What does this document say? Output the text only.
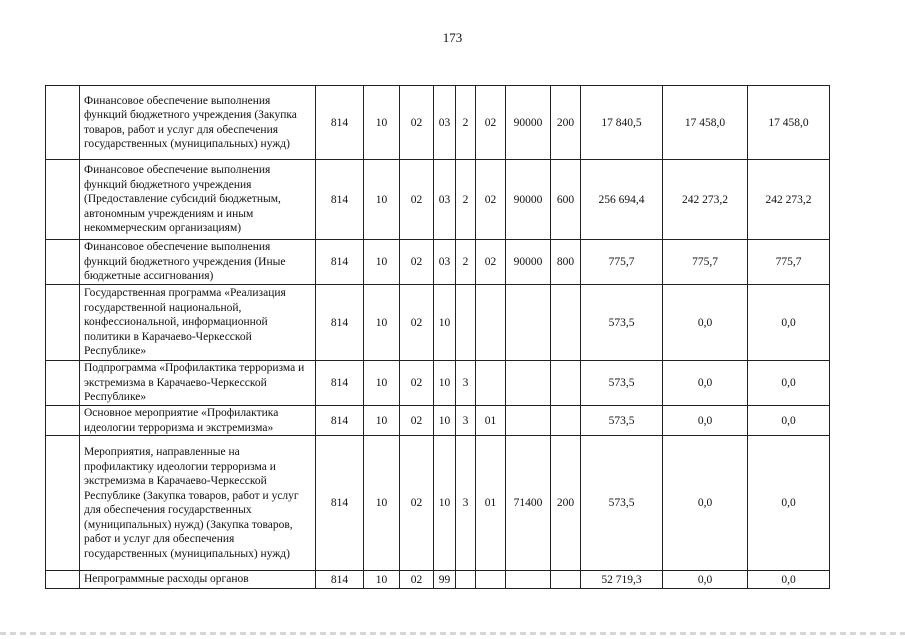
173
	Финансовое обеспечение выполнения функций бюджетного учреждения (Закупка товаров, работ и услуг для обеспечения государственных (муниципальных) нужд)	814	10	02	03	2	02	90000	200	17 840,5	17 458,0	17 458,0
	Финансовое обеспечение выполнения функций бюджетного учреждения (Предоставление субсидий бюджетным, автономным учреждениям и иным некоммерческим организациям)	814	10	02	03	2	02	90000	600	256 694,4	242 273,2	242 273,2
	Финансовое обеспечение выполнения функций бюджетного учреждения (Иные бюджетные ассигнования)	814	10	02	03	2	02	90000	800	775,7	775,7	775,7
	Государственная программа «Реализация государственной национальной, конфессиональной, информационной политики в Карачаево-Черкесской Республике»	814	10	02	10					573,5	0,0	0,0
	Подпрограмма «Профилактика терроризма и экстремизма в Карачаево-Черкесской Республике»	814	10	02	10	3				573,5	0,0	0,0
	Основное мероприятие «Профилактика идеологии терроризма и экстремизма»	814	10	02	10	3	01			573,5	0,0	0,0
	Мероприятия, направленные на профилактику идеологии терроризма и экстремизма в Карачаево-Черкесской Республике (Закупка товаров, работ и услуг для обеспечения государственных (муниципальных) нужд) (Закупка товаров, работ и услуг для обеспечения государственных (муниципальных) нужд)	814	10	02	10	3	01	71400	200	573,5	0,0	0,0
	Непрограммные расходы органов	814	10	02	99					52 719,3	0,0	0,0
